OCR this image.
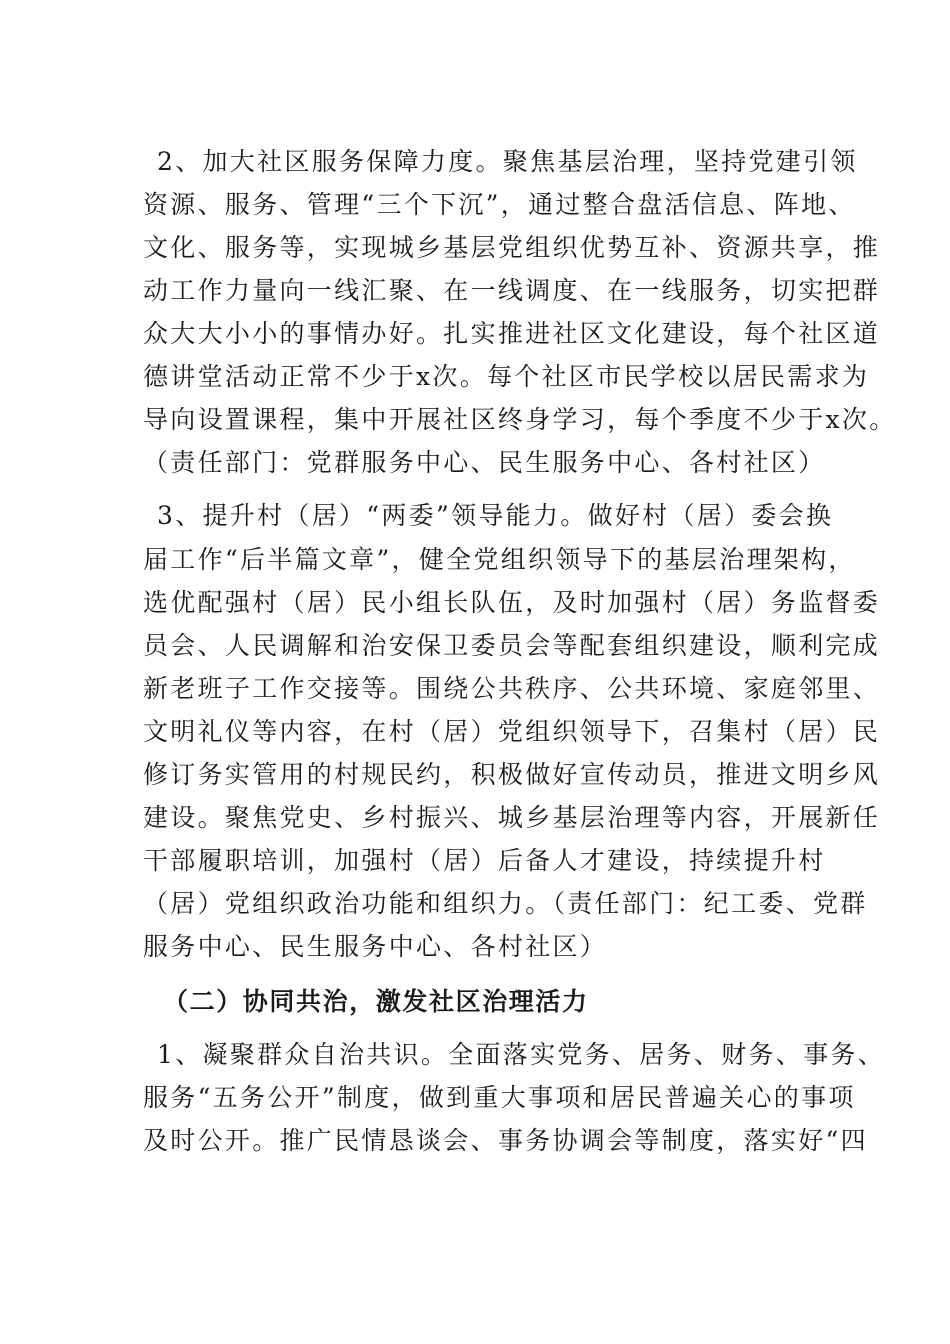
2、加大社区服务保障力度。聚焦基层治理，坚持党建引领
资源、服务、管理“三个下沉”，通过整合盘活信息、阵地、
文化、服务等，实现城乡基层党组织优势互补、资源共享，推
动工作力量向一线汇聚、在一线调度、在一线服务，切实把群
众大大小小的事情办好。扎实推进社区文化建设，每个社区道
德讲堂活动正常不少于x次。每个社区市民学校以居民需求为
导向设置课程，集中开展社区终身学习，每个季度不少于x次。
（责任部门：党群服务中心、民生服务中心、各村社区）
3、提升村（居）“两委”领导能力。做好村（居）委会换
届工作“后半篇文章”，健全党组织领导下的基层治理架构，
选优配强村（居）民小组长队伍，及时加强村（居）务监督委
员会、人民调解和治安保卫委员会等配套组织建设，顺利完成
新老班子工作交接等。围绕公共秩序、公共环境、家庭邻里、
文明礼仪等内容，在村（居）党组织领导下，召集村（居）民
修订务实管用的村规民约，积极做好宣传动员，推进文明乡风
建设。聚焦党史、乡村振兴、城乡基层治理等内容，开展新任
干部履职培训，加强村（居）后备人才建设，持续提升村
（居）党组织政治功能和组织力。（责任部门：纪工委、党群
服务中心、民生服务中心、各村社区）
（二）协同共治，激发社区治理活力
1、凝聚群众自治共识。全面落实党务、居务、财务、事务、
服务“五务公开”制度，做到重大事项和居民普遍关心的事项
及时公开。推广民情恳谈会、事务协调会等制度，落实好“四
